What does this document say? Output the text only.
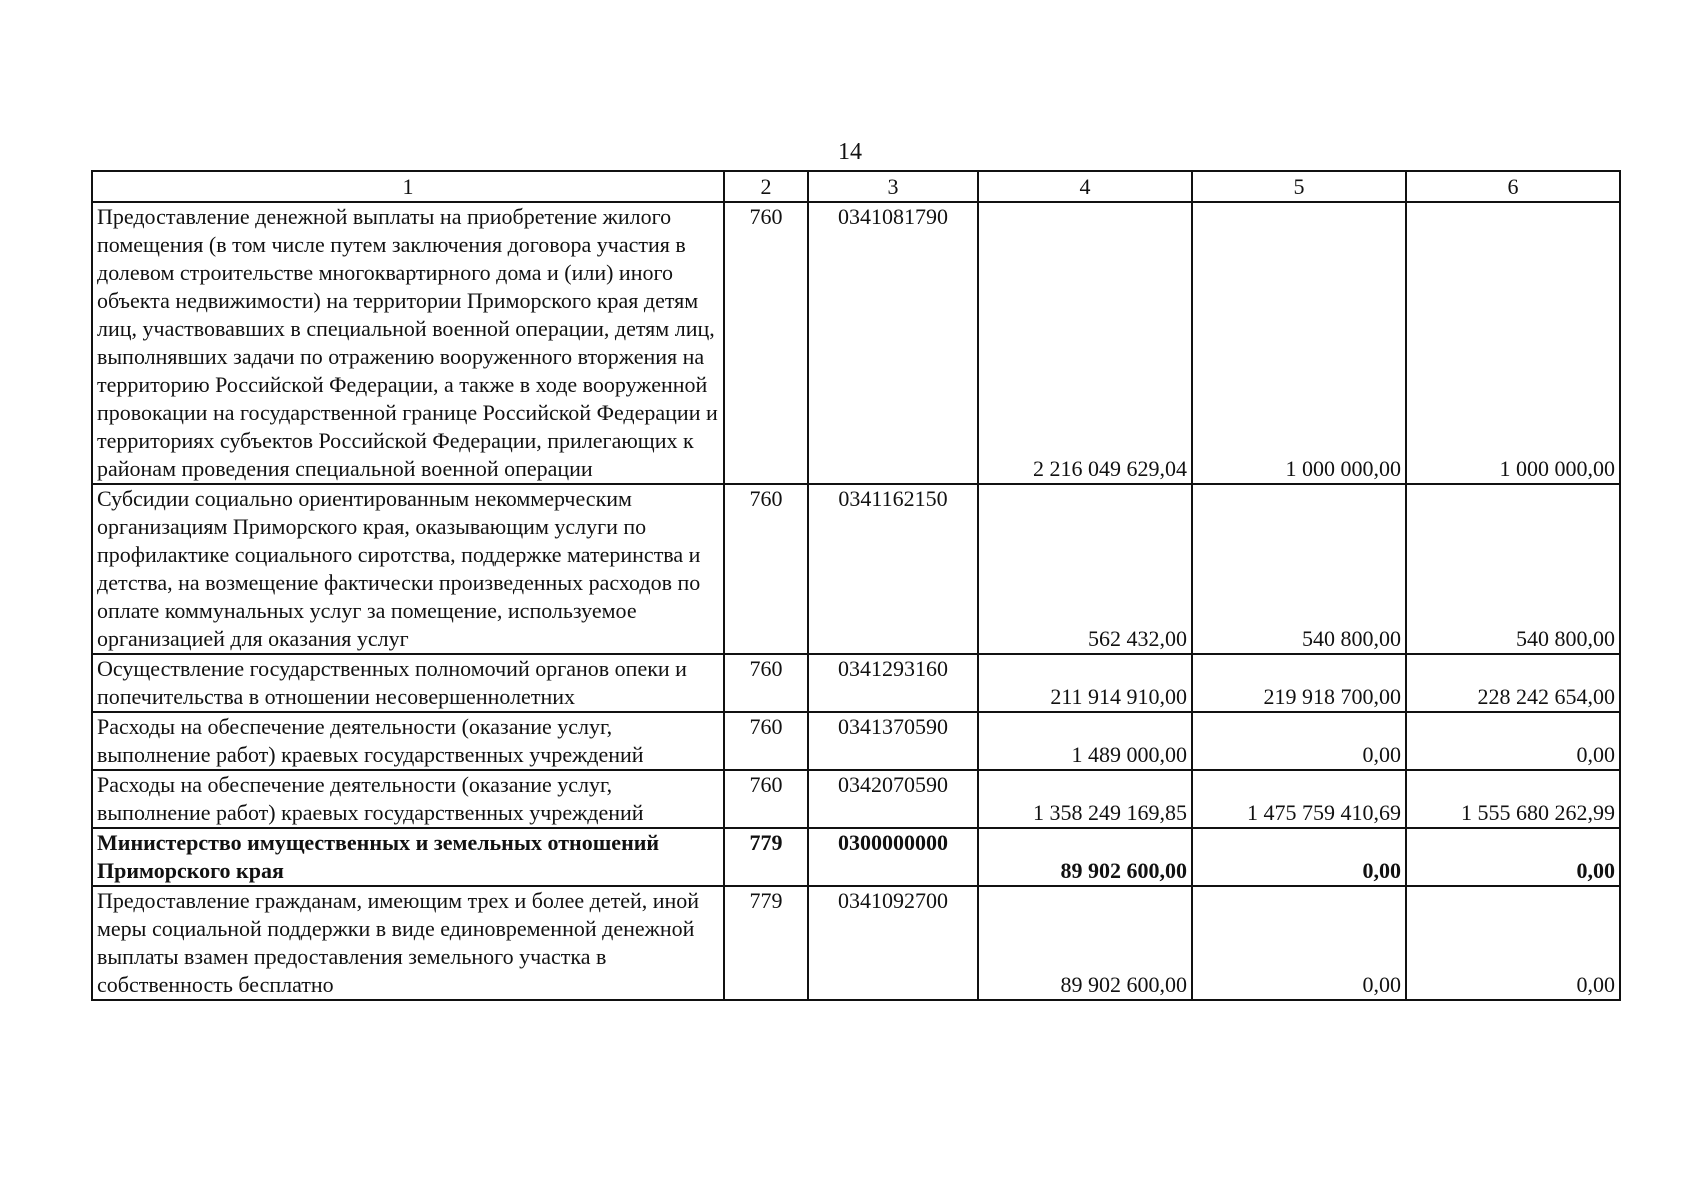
14
1	2	3	4	5	6
Предоставление денежной выплаты на приобретение жилого помещения (в том числе путем заключения договора участия в долевом строительстве многоквартирного дома и (или) иного объекта недвижимости) на территории Приморского края детям лиц, участвовавших в специальной военной операции, детям лиц, выполнявших задачи по отражению вооруженного вторжения на территорию Российской Федерации, а также в ходе вооруженной провокации на государственной границе Российской Федерации и территориях субъектов Российской Федерации, прилегающих к районам проведения специальной военной операции	760	0341081790	2 216 049 629,04	1 000 000,00	1 000 000,00
Субсидии социально ориентированным некоммерческим организациям Приморского края, оказывающим услуги по профилактике социального сиротства, поддержке материнства и детства, на возмещение фактически произведенных расходов по оплате коммунальных услуг за помещение, используемое организацией для оказания услуг	760	0341162150	562 432,00	540 800,00	540 800,00
Осуществление государственных полномочий органов опеки и попечительства в отношении несовершеннолетних	760	0341293160	211 914 910,00	219 918 700,00	228 242 654,00
Расходы на обеспечение деятельности (оказание услуг, выполнение работ) краевых государственных учреждений	760	0341370590	1 489 000,00	0,00	0,00
Расходы на обеспечение деятельности (оказание услуг, выполнение работ) краевых государственных учреждений	760	0342070590	1 358 249 169,85	1 475 759 410,69	1 555 680 262,99
Министерство имущественных и земельных отношений Приморского края	779	0300000000	89 902 600,00	0,00	0,00
Предоставление гражданам, имеющим трех и более детей, иной меры социальной поддержки в виде единовременной денежной выплаты взамен предоставления земельного участка в собственность бесплатно	779	0341092700	89 902 600,00	0,00	0,00
